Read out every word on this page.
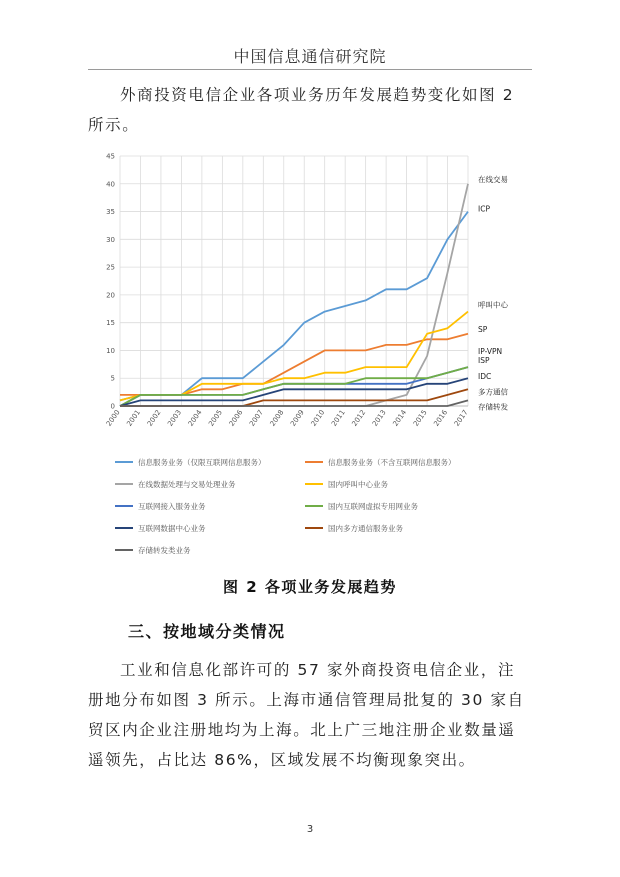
中国信息通信研究院

外商投资电信企业各项业务历年发展趋势变化如图 2 所示。

0
5
10
15
20
25
30
35
40
45
2000 2001 2002 2003 2004 2005 2006 2007 2008 2009 2010 2011 2012 2013 2014 2015 2016 2017
ICP
SP
在线交易
呼叫中心
ISP
IP-VPN
IDC
多方通信
存储转发
信息服务业务（仅限互联网信息服务）	信息服务业务（不含互联网信息服务）
在线数据处理与交易处理业务	国内呼叫中心业务
互联网接入服务业务	国内互联网虚拟专用网业务
互联网数据中心业务	国内多方通信服务业务
存储转发类业务
图 2 各项业务发展趋势
三、按地域分类情况

工业和信息化部许可的 57 家外商投资电信企业，注册地分布如图 3 所示。上海市通信管理局批复的 30 家自贸区内企业注册地均为上海。北上广三地注册企业数量遥遥领先，占比达 86%，区域发展不均衡现象突出。

3
